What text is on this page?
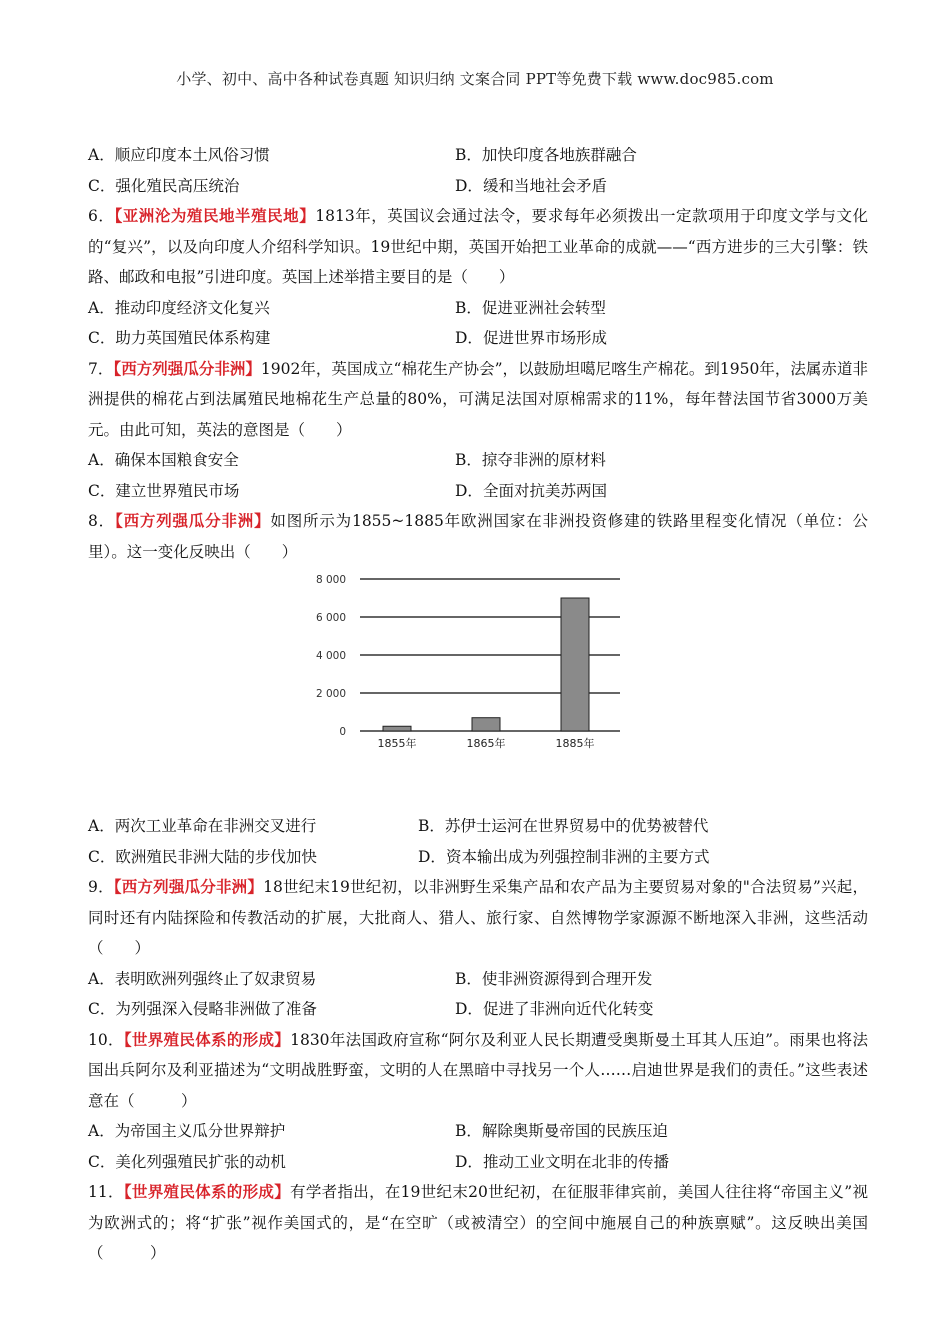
小学、初中、高中各种试卷真题 知识归纳 文案合同 PPT等免费下载 www.doc985.com
A．顺应印度本土风俗习惯	B．加快印度各地族群融合
C．强化殖民高压统治	D．缓和当地社会矛盾

6．【亚洲沦为殖民地半殖民地】1813年，英国议会通过法令，要求每年必须拨出一定款项用于印度文学与文化的“复兴”，以及向印度人介绍科学知识。19世纪中期，英国开始把工业革命的成就——“西方进步的三大引擎：铁路、邮政和电报”引进印度。英国上述举措主要目的是（　　）

A．推动印度经济文化复兴	B．促进亚洲社会转型
C．助力英国殖民体系构建	D．促进世界市场形成

7．【西方列强瓜分非洲】1902年，英国成立“棉花生产协会”，以鼓励坦噶尼喀生产棉花。到1950年，法属赤道非洲提供的棉花占到法属殖民地棉花生产总量的80%，可满足法国对原棉需求的11%，每年替法国节省3000万美元。由此可知，英法的意图是（　　）

A．确保本国粮食安全	B．掠夺非洲的原材料
C．建立世界殖民市场	D．全面对抗美苏两国

8．【西方列强瓜分非洲】如图所示为1855~1885年欧洲国家在非洲投资修建的铁路里程变化情况（单位：公里）。这一变化反映出（　　）

8 000
6 000
4 000
2 000
0
1855年	1865年	1885年
A．两次工业革命在非洲交叉进行	B．苏伊士运河在世界贸易中的优势被替代
C．欧洲殖民非洲大陆的步伐加快	D．资本输出成为列强控制非洲的主要方式

9．【西方列强瓜分非洲】18世纪末19世纪初，以非洲野生采集产品和农产品为主要贸易对象的"合法贸易”兴起，同时还有内陆探险和传教活动的扩展，大批商人、猎人、旅行家、自然博物学家源源不断地深入非洲，这些活动（　　）

A．表明欧洲列强终止了奴隶贸易	B．使非洲资源得到合理开发
C．为列强深入侵略非洲做了准备	D．促进了非洲向近代化转变

10．【世界殖民体系的形成】1830年法国政府宣称“阿尔及利亚人民长期遭受奥斯曼土耳其人压迫”。雨果也将法国出兵阿尔及利亚描述为“文明战胜野蛮，文明的人在黑暗中寻找另一个人……启迪世界是我们的责任。”这些表述意在（　　　）

A．为帝国主义瓜分世界辩护	B．解除奥斯曼帝国的民族压迫
C．美化列强殖民扩张的动机	D．推动工业文明在北非的传播

11．【世界殖民体系的形成】有学者指出，在19世纪末20世纪初，在征服菲律宾前，美国人往往将“帝国主义”视为欧洲式的；将“扩张”视作美国式的，是“在空旷（或被清空）的空间中施展自己的种族禀赋”。这反映出美国（　　　）
